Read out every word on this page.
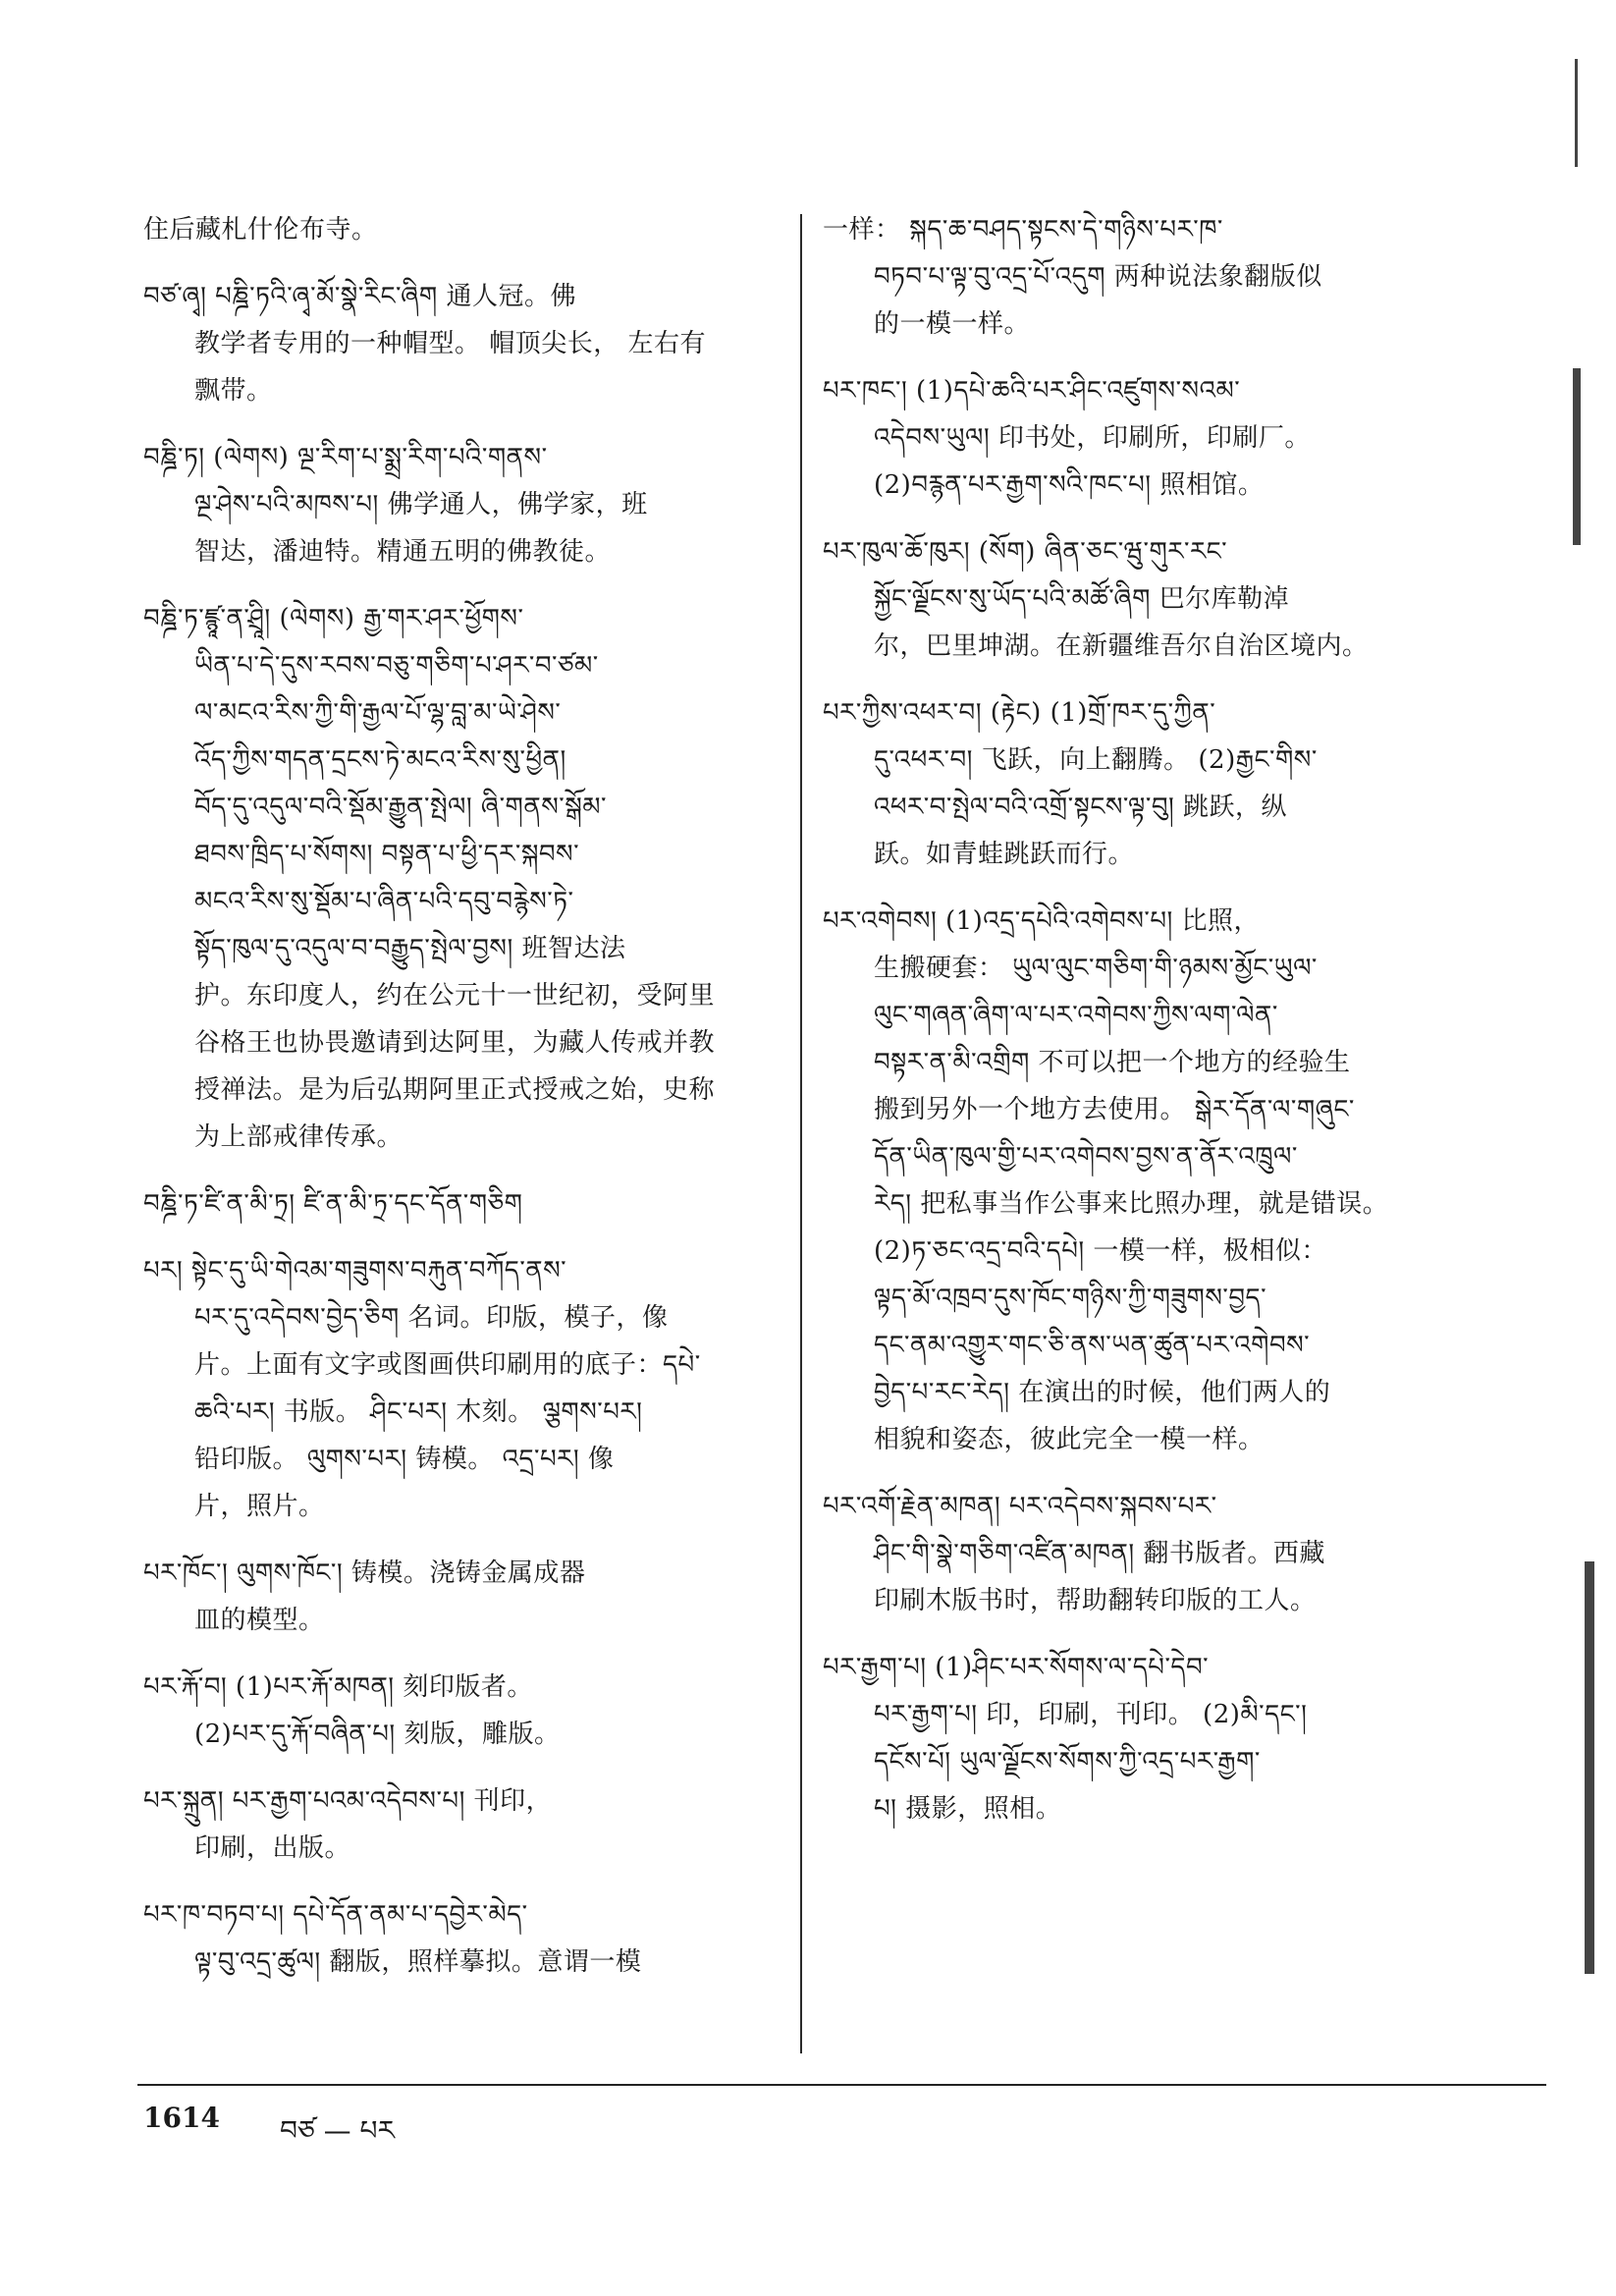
住后藏札什伦布寺。
བཙ་ཞྭ། པཎྜི་ཏའི་ཞྭ་མོ་སྣེ་རིང་ཞིག 通人冠。佛
教学者专用的一种帽型。 帽顶尖长， 左右有
飘带。
བཎྜི་ཏ། (ལེགས) ལྔ་རིག་པ་སྨྲ་རིག་པའི་གནས་
ལྔ་ཤེས་པའི་མཁས་པ། 佛学通人，佛学家，班
智达，潘迪特。精通五明的佛教徒。
བཎྜི་ཏ་ཛྙཱ་ན་ཤྲཱི། (ལེགས) རྒྱ་གར་ཤར་ཕྱོགས་
ཡིན་པ་དེ་དུས་རབས་བཅུ་གཅིག་པ་ཤར་བ་ཙམ་
ལ་མངའ་རིས་ཀྱི་གི་རྒྱལ་པོ་ལྷ་བླ་མ་ཡེ་ཤེས་
འོད་ཀྱིས་གདན་དྲངས་ཏེ་མངའ་རིས་སུ་ཕྱིན།
བོད་དུ་འདུལ་བའི་སྡོམ་རྒྱུན་སྤེལ། ཞི་གནས་སྒོམ་
ཐབས་ཁྲིད་པ་སོགས། བསྟན་པ་ཕྱི་དར་སྐབས་
མངའ་རིས་སུ་སྡོམ་པ་ཞིན་པའི་དབུ་བརྙེས་ཏེ་
སྟོད་ཁུལ་དུ་འདུལ་བ་བརྒྱུད་སྤེལ་བྱས། 班智达法
护。东印度人，约在公元十一世纪初，受阿里
谷格王也协畏邀请到达阿里，为藏人传戒并教
授禅法。是为后弘期阿里正式授戒之始，史称
为上部戒律传承。
བཎྜི་ཏ་ཛི་ན་མི་ཏྲ། ཛི་ན་མི་ཏྲ་དང་དོན་གཅིག
པར། སྟེང་དུ་ཡི་གེའམ་གཟུགས་བརྐུན་བཀོད་ནས་
པར་དུ་འདེབས་བྱེད་ཅིག 名词。印版，模子，像
片。上面有文字或图画供印刷用的底子：དཔེ་
ཆའི་པར། 书版。 ཤིང་པར། 木刻。 ལྕགས་པར།
铅印版。 ལུགས་པར། 铸模。 འདྲ་པར། 像
片，照片。
པར་ཁོང་། ལུགས་ཁོང་། 铸模。浇铸金属成器
皿的模型。
པར་རྐོ་བ། (1)པར་རྐོ་མཁན། 刻印版者。
(2)པར་དུ་རྐོ་བཞིན་པ། 刻版，雕版。
པར་སྐྲུན། པར་རྒྱག་པའམ་འདེབས་པ། 刊印，
印刷，出版。
པར་ཁ་བཏབ་པ། དཔེ་དོན་ནམ་པ་དབྱེར་མེད་
ལྟ་བུ་འདྲ་ཚུལ། 翻版，照样摹拟。意谓一模
一样： སྐད་ཆ་བཤད་སྟངས་དེ་གཉིས་པར་ཁ་
བཏབ་པ་ལྟ་བུ་འདྲ་པོ་འདུག 两种说法象翻版似
的一模一样。
པར་ཁང་། (1)དཔེ་ཆའི་པར་ཤིང་འཛུགས་སའམ་
འདེབས་ཡུལ། 印书处，印刷所，印刷厂。
(2)བརྙན་པར་རྒྱག་སའི་ཁང་པ། 照相馆。
པར་ཁུལ་ཆོ་ཁུར། (སོག) ཞིན་ཅང་ཝུ་གུར་རང་
སྐྱོང་ལྗོངས་སུ་ཡོད་པའི་མཚོ་ཞིག 巴尔库勒淖
尔，巴里坤湖。在新疆维吾尔自治区境内。
པར་ཀྱིས་འཕར་བ། (རྟེང) (1)གྲོ་ཁར་དུ་ཀྱིན་
དུ་འཕར་བ། 飞跃，向上翻腾。 (2)རྒྱང་གིས་
འཕར་བ་སྤེལ་བའི་འགྲོ་སྟངས་ལྟ་བུ། 跳跃，纵
跃。如青蛙跳跃而行。
པར་འགེབས། (1)འདྲ་དཔེའི་འགེབས་པ། 比照，
生搬硬套： ཡུལ་ལུང་གཅིག་གི་ཉམས་མྱོང་ཡུལ་
ལུང་གཞན་ཞིག་ལ་པར་འགེབས་ཀྱིས་ལག་ལེན་
བསྟར་ན་མི་འགྲིག 不可以把一个地方的经验生
搬到另外一个地方去使用。 སྒེར་དོན་ལ་གཞུང་
དོན་ཡིན་ཁུལ་གྱི་པར་འགེབས་བྱས་ན་ནོར་འཁྲུལ་
རེད། 把私事当作公事来比照办理，就是错误。
(2)ཏ་ཅང་འདྲ་བའི་དཔེ། 一模一样，极相似：
ལྟད་མོ་འཁྲབ་དུས་ཁོང་གཉིས་ཀྱི་གཟུགས་བྱད་
དང་ནམ་འགྱུར་གང་ཅི་ནས་ཡན་ཚུན་པར་འགེབས་
བྱེད་པ་རང་རེད། 在演出的时候，他们两人的
相貌和姿态，彼此完全一模一样。
པར་འགོ་རྗེན་མཁན། པར་འདེབས་སྐབས་པར་
ཤིང་གི་སྣེ་གཅིག་འཛིན་མཁན། 翻书版者。西藏
印刷木版书时，帮助翻转印版的工人。
པར་རྒྱག་པ། (1)ཤིང་པར་སོགས་ལ་དཔེ་དེབ་
པར་རྒྱག་པ། 印，印刷，刊印。 (2)མི་དང་།
དངོས་པོ། ཡུལ་ལྗོངས་སོགས་ཀྱི་འདྲ་པར་རྒྱག་
པ། 摄影，照相。
1614 བཙ — པར
